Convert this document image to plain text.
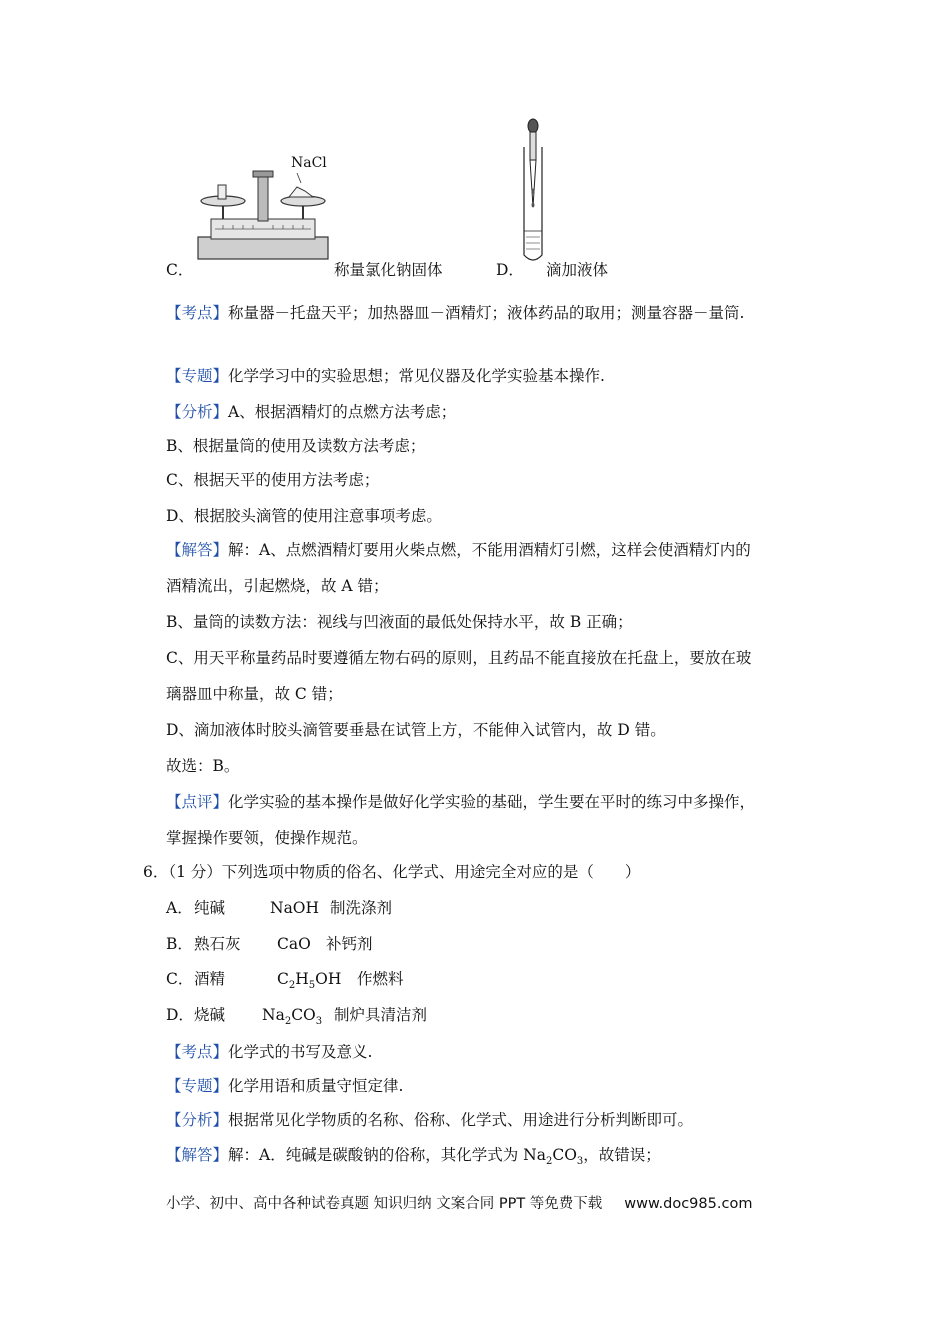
NaCl
C．	称量氯化钠固体	D． 滴加液体
【考点】称量器－托盘天平；加热器皿－酒精灯；液体药品的取用；测量容器－量筒.
【专题】化学学习中的实验思想；常见仪器及化学实验基本操作.
【分析】A、根据酒精灯的点燃方法考虑；
B、根据量筒的使用及读数方法考虑；
C、根据天平的使用方法考虑；
D、根据胶头滴管的使用注意事项考虑。
【解答】解：A、点燃酒精灯要用火柴点燃，不能用酒精灯引燃，这样会使酒精灯内的
酒精流出，引起燃烧，故 A 错；
B、量筒的读数方法：视线与凹液面的最低处保持水平，故 B 正确；
C、用天平称量药品时要遵循左物右码的原则，且药品不能直接放在托盘上，要放在玻
璃器皿中称量，故 C 错；
D、滴加液体时胶头滴管要垂悬在试管上方，不能伸入试管内，故 D 错。
故选：B。
【点评】化学实验的基本操作是做好化学实验的基础，学生要在平时的练习中多操作，
掌握操作要领，使操作规范。
6．（1 分）下列选项中物质的俗名、化学式、用途完全对应的是（　　）
A． 纯碱	NaOH 制洗涤剂
B． 熟石灰 CaO 补钙剂
C． 酒精	$C_2H_5OH$ 作燃料
D． 烧碱 $Na_2CO_3$ 制炉具清洁剂
【考点】化学式的书写及意义.
【专题】化学用语和质量守恒定律.
【分析】根据常见化学物质的名称、俗称、化学式、用途进行分析判断即可。
【解答】解：A．纯碱是碳酸钠的俗称，其化学式为 $Na_2CO_3$，故错误；
小学、初中、高中各种试卷真题 知识归纳 文案合同 PPT 等免费下载 www.doc985.com
